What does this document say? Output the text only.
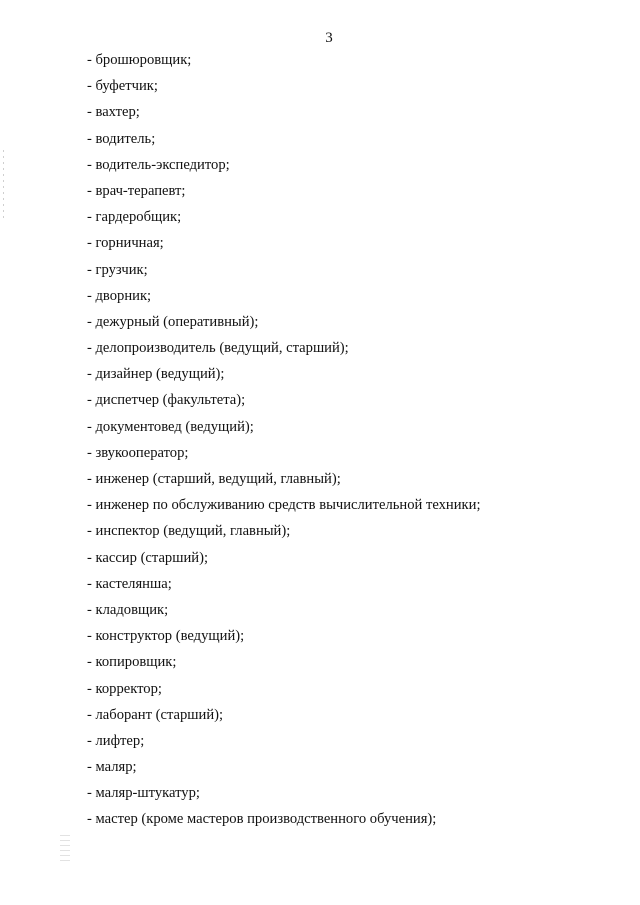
3
- брошюровщик;
- буфетчик;
- вахтер;
- водитель;
- водитель-экспедитор;
- врач-терапевт;
- гардеробщик;
- горничная;
- грузчик;
- дворник;
- дежурный (оперативный);
- делопроизводитель (ведущий, старший);
- дизайнер (ведущий);
- диспетчер (факультета);
- документовед (ведущий);
- звукооператор;
- инженер (старший, ведущий, главный);
- инженер по обслуживанию средств вычислительной техники;
- инспектор (ведущий, главный);
- кассир (старший);
- кастелянша;
- кладовщик;
- конструктор (ведущий);
- копировщик;
- корректор;
- лаборант (старший);
- лифтер;
- маляр;
- маляр-штукатур;
- мастер (кроме мастеров производственного обучения);
